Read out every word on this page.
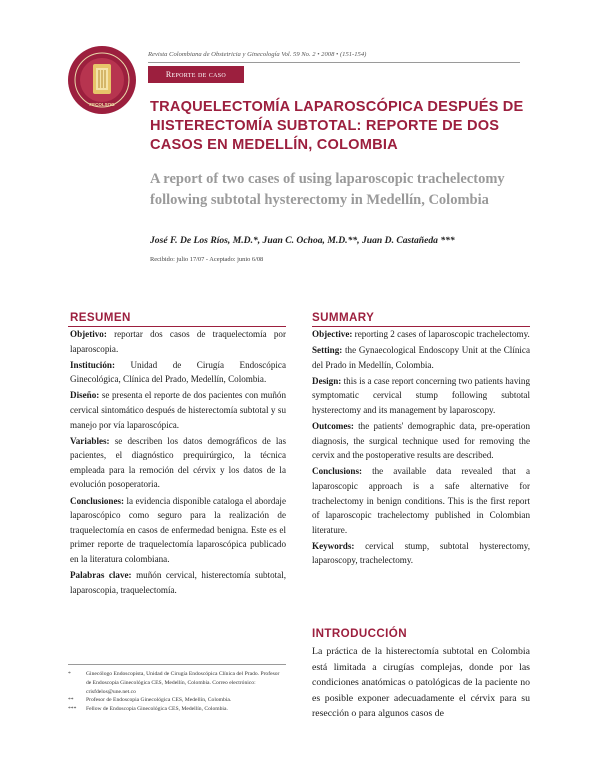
FECOLSOG
Revista Colombiana de Obstetricia y Ginecología Vol. 59 No. 2 • 2008 • (151-154)
Reporte de caso
TRAQUELECTOMÍA LAPAROSCÓPICA DESPUÉS DE HISTERECTOMÍA SUBTOTAL: REPORTE DE DOS CASOS EN MEDELLÍN, COLOMBIA
A report of two cases of using laparoscopic trachelectomy following subtotal hysterectomy in Medellín, Colombia
José F. De Los Ríos, M.D.*, Juan C. Ochoa, M.D.**, Juan D. Castañeda ***
Recibido: julio 17/07 - Aceptado: junio 6/08
RESUMEN

Objetivo: reportar dos casos de traquelectomía por laparoscopia.

Institución: Unidad de Cirugía Endoscópica Ginecológica, Clínica del Prado, Medellín, Colombia.

Diseño: se presenta el reporte de dos pacientes con muñón cervical sintomático después de histerectomía subtotal y su manejo por vía laparoscópica.

Variables: se describen los datos demográficos de las pacientes, el diagnóstico prequirúrgico, la técnica empleada para la remoción del cérvix y los datos de la evolución posoperatoria.

Conclusiones: la evidencia disponible cataloga el abordaje laparoscópico como seguro para la realización de traquelectomía en casos de enfermedad benigna. Este es el primer reporte de traquelectomía laparoscópica publicado en la literatura colombiana.

Palabras clave: muñón cervical, histerectomía subtotal, laparoscopia, traquelectomía.

*	Ginecólogo Endoscopista, Unidad de Cirugía Endoscópica Clínica del Prado. Profesor de Endoscopia Ginecológica CES, Medellín, Colombia. Correo electrónico: crisfdelos@une.net.co
** Profesor de Endoscopia Ginecológica CES, Medellín, Colombia.
*** Fellow de Endoscopia Ginecológica CES, Medellín, Colombia.
SUMMARY

Objective: reporting 2 cases of laparoscopic trachelectomy.

Setting: the Gynaecological Endoscopy Unit at the Clínica del Prado in Medellín, Colombia.

Design: this is a case report concerning two patients having symptomatic cervical stump following subtotal hysterectomy and its management by laparoscopy.

Outcomes: the patients' demographic data, pre-operation diagnosis, the surgical technique used for removing the cervix and the postoperative results are described.

Conclusions: the available data revealed that a laparoscopic approach is a safe alternative for trachelectomy in benign conditions. This is the first report of laparoscopic trachelectomy published in Colombian literature.

Keywords: cervical stump, subtotal hysterectomy, laparoscopy, trachelectomy.

INTRODUCCIÓN
La práctica de la histerectomía subtotal en Colombia está limitada a cirugías complejas, donde por las condiciones anatómicas o patológicas de la paciente no es posible exponer adecuadamente el cérvix para su resección o para algunos casos de
